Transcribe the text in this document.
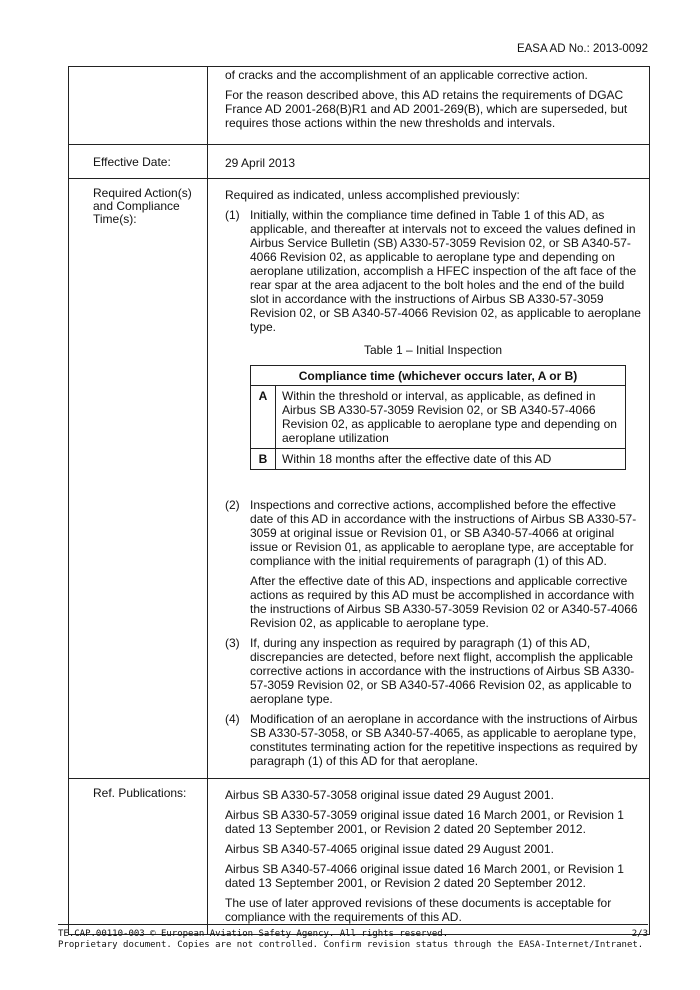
EASA AD No.: 2013-0092

of cracks and the accomplishment of an applicable corrective action.
For the reason described above, this AD retains the requirements of DGAC France AD 2001-268(B)R1 and AD 2001-269(B), which are superseded, but requires those actions within the new thresholds and intervals.

Effective Date:	29 April 2013
Required Action(s) and Compliance Time(s):	
Required as indicated, unless accomplished previously:
(1) Initially, within the compliance time defined in Table 1 of this AD, as applicable, and thereafter at intervals not to exceed the values defined in Airbus Service Bulletin (SB) A330-57-3059 Revision 02, or SB A340-57-4066 Revision 02, as applicable to aeroplane type and depending on aeroplane utilization, accomplish a HFEC inspection of the aft face of the rear spar at the area adjacent to the bolt holes and the end of the build slot in accordance with the instructions of Airbus SB A330-57-3059 Revision 02, or SB A340-57-4066 Revision 02, as applicable to aeroplane type.
Table 1 – Initial Inspection
Compliance time (whichever occurs later, A or B)
A	Within the threshold or interval, as applicable, as defined in Airbus SB A330-57-3059 Revision 02, or SB A340-57-4066 Revision 02, as applicable to aeroplane type and depending on aeroplane utilization
B	Within 18 months after the effective date of this AD
(2) Inspections and corrective actions, accomplished before the effective date of this AD in accordance with the instructions of Airbus SB A330-57-3059 at original issue or Revision 01, or SB A340-57-4066 at original issue or Revision 01, as applicable to aeroplane type, are acceptable for compliance with the initial requirements of paragraph (1) of this AD.
After the effective date of this AD, inspections and applicable corrective actions as required by this AD must be accomplished in accordance with the instructions of Airbus SB A330-57-3059 Revision 02 or A340-57-4066 Revision 02, as applicable to aeroplane type.
(3) If, during any inspection as required by paragraph (1) of this AD, discrepancies are detected, before next flight, accomplish the applicable corrective actions in accordance with the instructions of Airbus SB A330-57-3059 Revision 02, or SB A340-57-4066 Revision 02, as applicable to aeroplane type.
(4) Modification of an aeroplane in accordance with the instructions of Airbus SB A330-57-3058, or SB A340-57-4065, as applicable to aeroplane type, constitutes terminating action for the repetitive inspections as required by paragraph (1) of this AD for that aeroplane.

Ref. Publications:	Airbus SB A330-57-3058 original issue dated 29 August 2001.
Airbus SB A330-57-3059 original issue dated 16 March 2001, or Revision 1 dated 13 September 2001, or Revision 2 dated 20 September 2012.
Airbus SB A340-57-4065 original issue dated 29 August 2001.
Airbus SB A340-57-4066 original issue dated 16 March 2001, or Revision 1 dated 13 September 2001, or Revision 2 dated 20 September 2012.
The use of later approved revisions of these documents is acceptable for compliance with the requirements of this AD.
TE.CAP.00110-003 © European Aviation Safety Agency. All rights reserved.
Proprietary document. Copies are not controlled. Confirm revision status through the EASA-Internet/Intranet.
2/3
